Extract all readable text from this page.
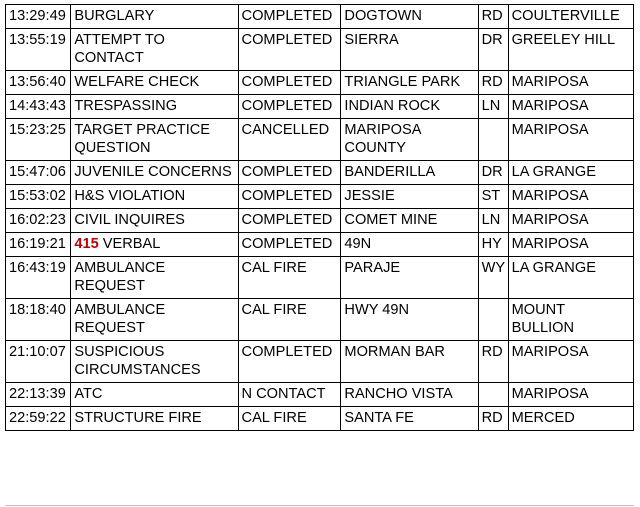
13:29:49	BURGLARY	COMPLETED	DOGTOWN	RD	COULTERVILLE
13:55:19	ATTEMPT TO CONTACT	COMPLETED	SIERRA	DR	GREELEY HILL
13:56:40	WELFARE CHECK	COMPLETED	TRIANGLE PARK	RD	MARIPOSA
14:43:43	TRESPASSING	COMPLETED	INDIAN ROCK	LN	MARIPOSA
15:23:25	TARGET PRACTICE QUESTION	CANCELLED	MARIPOSA COUNTY		MARIPOSA
15:47:06	JUVENILE CONCERNS	COMPLETED	BANDERILLA	DR	LA GRANGE
15:53:02	H&S VIOLATION	COMPLETED	JESSIE	ST	MARIPOSA
16:02:23	CIVIL INQUIRES	COMPLETED	COMET MINE	LN	MARIPOSA
16:19:21	415 VERBAL	COMPLETED	49N	HY	MARIPOSA
16:43:19	AMBULANCE REQUEST	CAL FIRE	PARAJE	WY	LA GRANGE
18:18:40	AMBULANCE REQUEST	CAL FIRE	HWY 49N		MOUNT BULLION
21:10:07	SUSPICIOUS CIRCUMSTANCES	COMPLETED	MORMAN BAR	RD	MARIPOSA
22:13:39	ATC	N CONTACT	RANCHO VISTA		MARIPOSA
22:59:22	STRUCTURE FIRE	CAL FIRE	SANTA FE	RD	MERCED
